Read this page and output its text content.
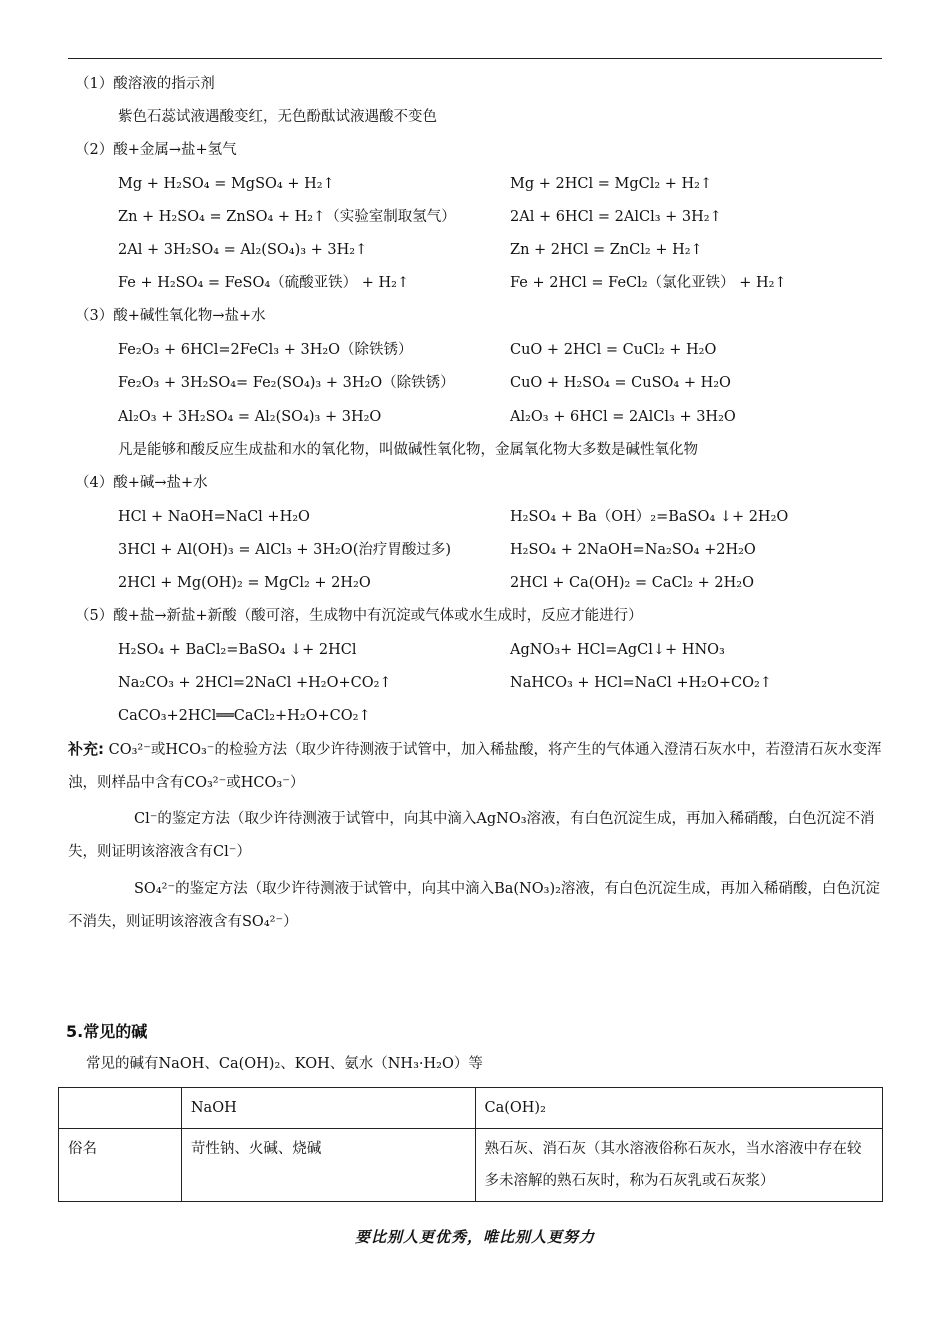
（1）酸溶液的指示剂
紫色石蕊试液遇酸变红，无色酚酞试液遇酸不变色
（2）酸+金属→盐+氢气
Mg + H₂SO₄ = MgSO₄ + H₂↑	Mg + 2HCl = MgCl₂ + H₂↑
Zn + H₂SO₄ = ZnSO₄ + H₂↑（实验室制取氢气）	2Al + 6HCl = 2AlCl₃ + 3H₂↑
2Al + 3H₂SO₄ = Al₂(SO₄)₃ + 3H₂↑	Zn + 2HCl = ZnCl₂ + H₂↑
Fe + H₂SO₄ = FeSO₄（硫酸亚铁） + H₂↑	Fe + 2HCl = FeCl₂（氯化亚铁） + H₂↑
（3）酸+碱性氧化物→盐+水
Fe₂O₃ + 6HCl=2FeCl₃ + 3H₂O（除铁锈）	CuO + 2HCl = CuCl₂ + H₂O
Fe₂O₃ + 3H₂SO₄= Fe₂(SO₄)₃ + 3H₂O（除铁锈）	CuO + H₂SO₄ = CuSO₄ + H₂O
Al₂O₃ + 3H₂SO₄ = Al₂(SO₄)₃ + 3H₂O	Al₂O₃ + 6HCl = 2AlCl₃ + 3H₂O
凡是能够和酸反应生成盐和水的氧化物，叫做碱性氧化物，金属氧化物大多数是碱性氧化物
（4）酸+碱→盐+水
HCl + NaOH=NaCl +H₂O	H₂SO₄ + Ba（OH）₂=BaSO₄ ↓+ 2H₂O
3HCl + Al(OH)₃ = AlCl₃ + 3H₂O(治疗胃酸过多)	H₂SO₄ + 2NaOH=Na₂SO₄ +2H₂O
2HCl + Mg(OH)₂ = MgCl₂ + 2H₂O	2HCl + Ca(OH)₂ = CaCl₂ + 2H₂O
（5）酸+盐→新盐+新酸（酸可溶，生成物中有沉淀或气体或水生成时，反应才能进行）
H₂SO₄ + BaCl₂=BaSO₄ ↓+ 2HCl	AgNO₃+ HCl=AgCl↓+ HNO₃
Na₂CO₃ + 2HCl=2NaCl +H₂O+CO₂↑	NaHCO₃ + HCl=NaCl +H₂O+CO₂↑
CaCO₃+2HCl══CaCl₂+H₂O+CO₂↑
补充: CO₃²⁻或HCO₃⁻的检验方法（取少许待测液于试管中，加入稀盐酸，将产生的气体通入澄清石灰水中，若澄清石灰水变浑浊，则样品中含有CO₃²⁻或HCO₃⁻）
Cl⁻的鉴定方法（取少许待测液于试管中，向其中滴入AgNO₃溶液，有白色沉淀生成，再加入稀硝酸，白色沉淀不消失，则证明该溶液含有Cl⁻）
SO₄²⁻的鉴定方法（取少许待测液于试管中，向其中滴入Ba(NO₃)₂溶液，有白色沉淀生成，再加入稀硝酸，白色沉淀不消失，则证明该溶液含有SO₄²⁻）
5.常见的碱
常见的碱有NaOH、Ca(OH)₂、KOH、氨水（NH₃·H₂O）等
	NaOH	Ca(OH)₂
俗名	苛性钠、火碱、烧碱	熟石灰、消石灰（其水溶液俗称石灰水，当水溶液中存在较多未溶解的熟石灰时，称为石灰乳或石灰浆）
要比别人更优秀，唯比别人更努力
